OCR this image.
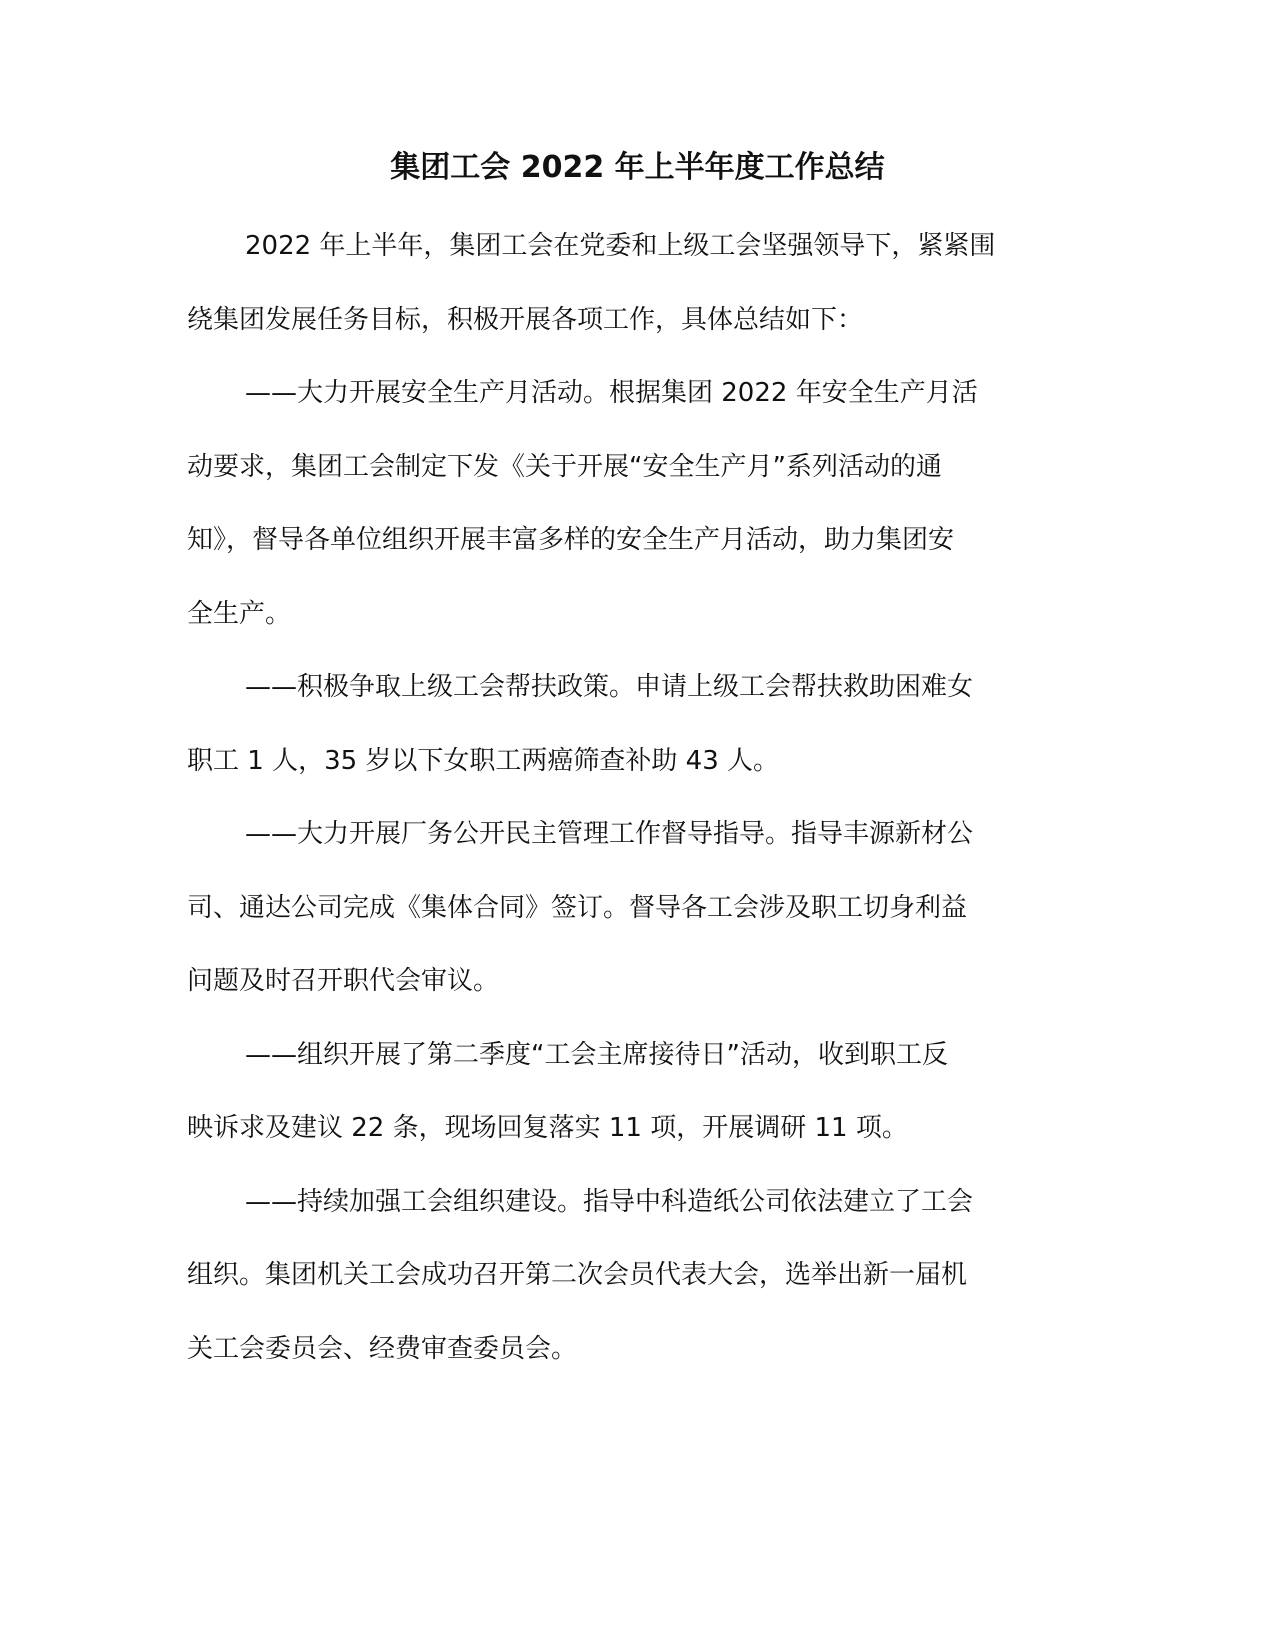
集团工会 2022 年上半年度工作总结

2022 年上半年，集团工会在党委和上级工会坚强领导下，紧紧围

绕集团发展任务目标，积极开展各项工作，具体总结如下：

——大力开展安全生产月活动。根据集团 2022 年安全生产月活

动要求，集团工会制定下发《关于开展“安全生产月”系列活动的通

知》，督导各单位组织开展丰富多样的安全生产月活动，助力集团安

全生产。

——积极争取上级工会帮扶政策。申请上级工会帮扶救助困难女

职工 1 人，35 岁以下女职工两癌筛查补助 43 人。

——大力开展厂务公开民主管理工作督导指导。指导丰源新材公

司、通达公司完成《集体合同》签订。督导各工会涉及职工切身利益

问题及时召开职代会审议。

——组织开展了第二季度“工会主席接待日”活动，收到职工反

映诉求及建议 22 条，现场回复落实 11 项，开展调研 11 项。

——持续加强工会组织建设。指导中科造纸公司依法建立了工会

组织。集团机关工会成功召开第二次会员代表大会，选举出新一届机

关工会委员会、经费审查委员会。
